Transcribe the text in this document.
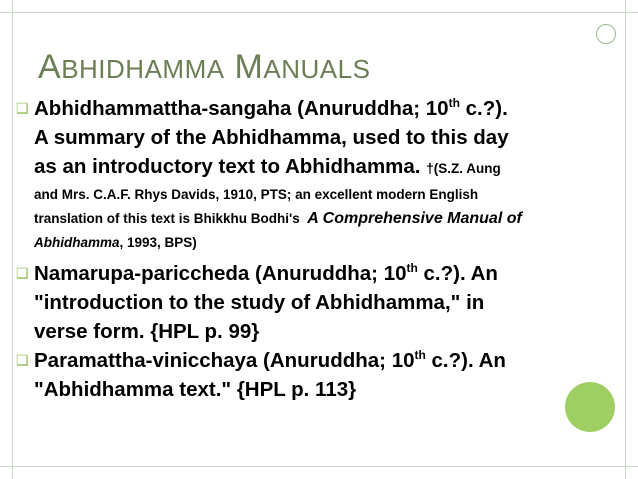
ABHIDHAMMA MANUALS
❑ Abhidhammattha-sangaha (Anuruddha; 10th c.?).
A summary of the Abhidhamma, used to this day
as an introductory text to Abhidhamma. †(S.Z. Aung
and Mrs. C.A.F. Rhys Davids, 1910, PTS; an excellent modern English
translation of this text is Bhikkhu Bodhi's A Comprehensive Manual of
Abhidhamma, 1993, BPS)
❑ Namarupa-pariccheda (Anuruddha; 10th c.?). An
"introduction to the study of Abhidhamma," in
verse form. {HPL p. 99}
❑ Paramattha-vinicchaya (Anuruddha; 10th c.?). An
"Abhidhamma text." {HPL p. 113}
